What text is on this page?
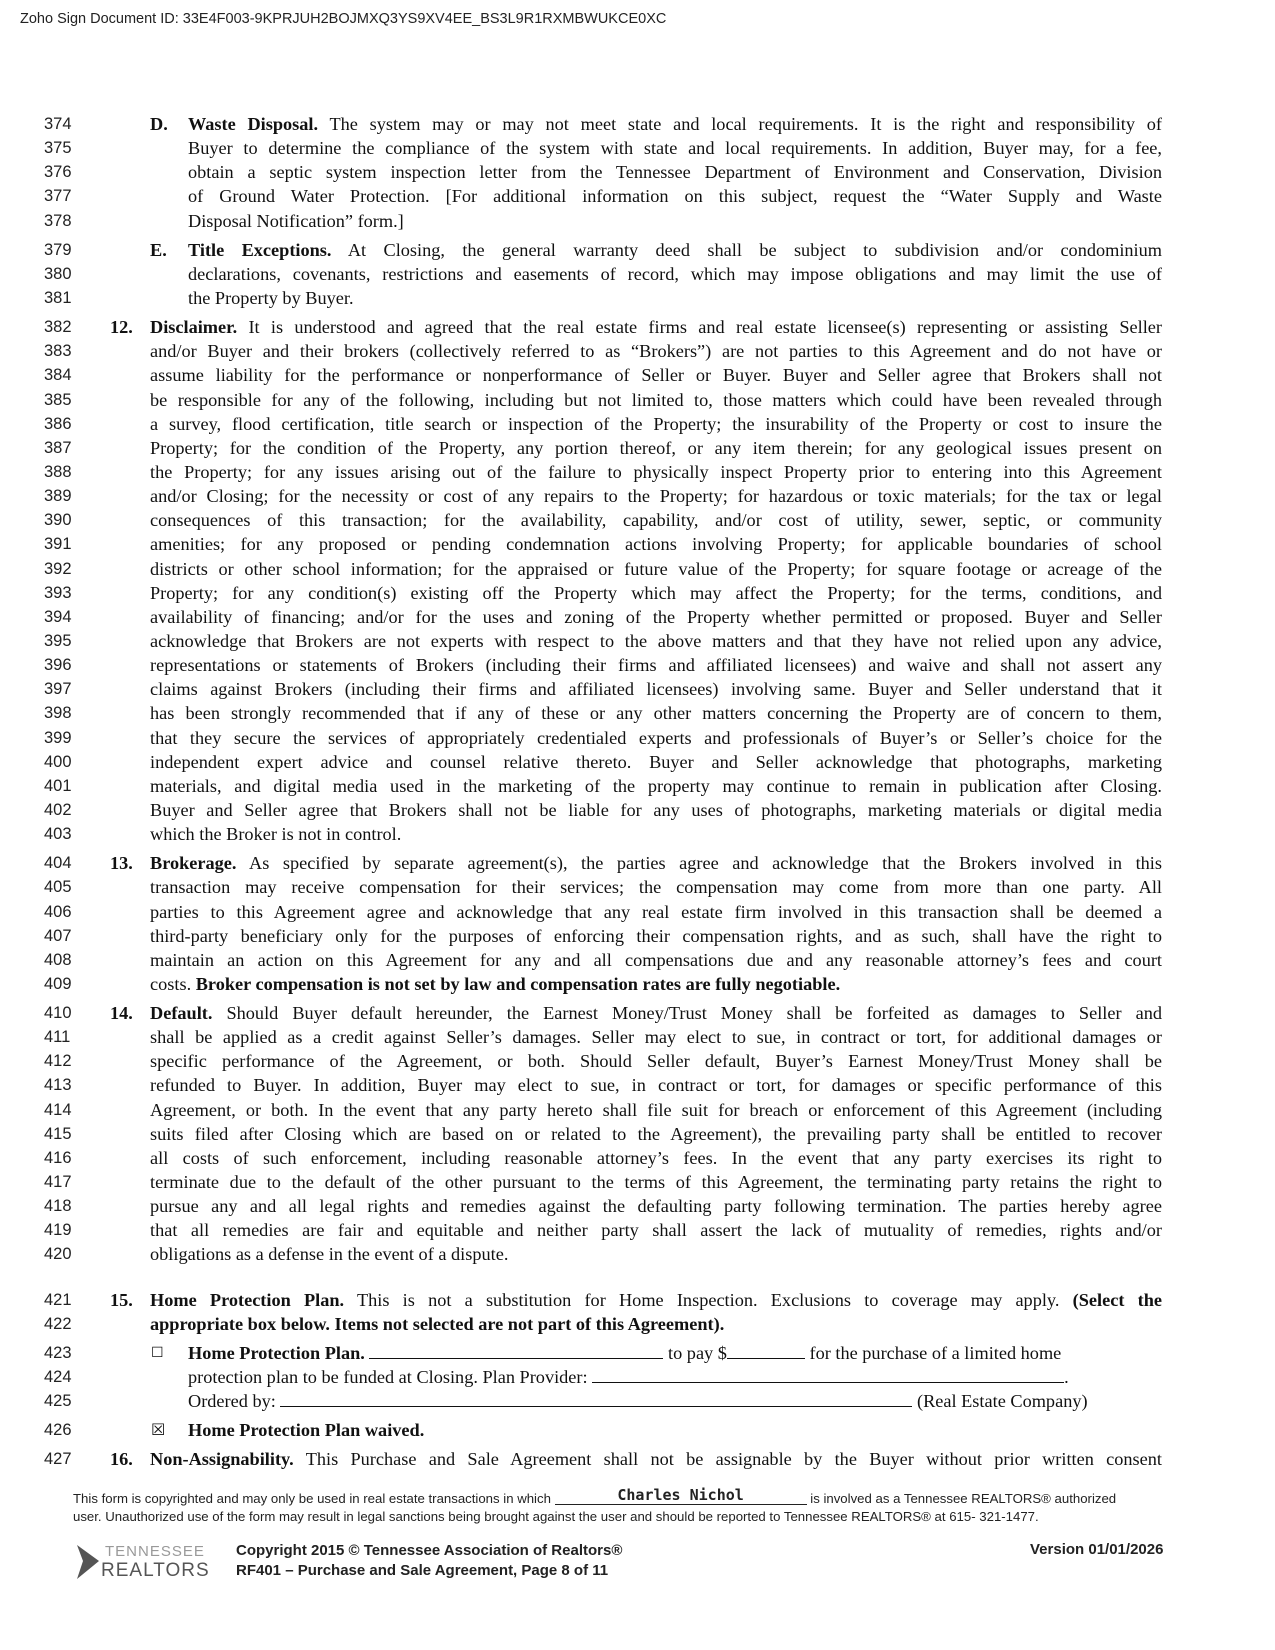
Zoho Sign Document ID: 33E4F003-9KPRJUH2BOJMXQ3YS9XV4EE_BS3L9R1RXMBWUKCE0XC
374	D. Waste Disposal. The system may or may not meet state and local requirements. It is the right and responsibility of
375	Buyer to determine the compliance of the system with state and local requirements. In addition, Buyer may, for a fee,
376	obtain a septic system inspection letter from the Tennessee Department of Environment and Conservation, Division
377	of Ground Water Protection. [For additional information on this subject, request the “Water Supply and Waste
378	Disposal Notification” form.]
379	E. Title Exceptions. At Closing, the general warranty deed shall be subject to subdivision and/or condominium
380	declarations, covenants, restrictions and easements of record, which may impose obligations and may limit the use of
381	the Property by Buyer.
382	12. Disclaimer. It is understood and agreed that the real estate firms and real estate licensee(s) representing or assisting Seller
383	and/or Buyer and their brokers (collectively referred to as “Brokers”) are not parties to this Agreement and do not have or
384	assume liability for the performance or nonperformance of Seller or Buyer. Buyer and Seller agree that Brokers shall not
385	be responsible for any of the following, including but not limited to, those matters which could have been revealed through
386	a survey, flood certification, title search or inspection of the Property; the insurability of the Property or cost to insure the
387	Property; for the condition of the Property, any portion thereof, or any item therein; for any geological issues present on
388	the Property; for any issues arising out of the failure to physically inspect Property prior to entering into this Agreement
389	and/or Closing; for the necessity or cost of any repairs to the Property; for hazardous or toxic materials; for the tax or legal
390	consequences of this transaction; for the availability, capability, and/or cost of utility, sewer, septic, or community
391	amenities; for any proposed or pending condemnation actions involving Property; for applicable boundaries of school
392	districts or other school information; for the appraised or future value of the Property; for square footage or acreage of the
393	Property; for any condition(s) existing off the Property which may affect the Property; for the terms, conditions, and
394	availability of financing; and/or for the uses and zoning of the Property whether permitted or proposed. Buyer and Seller
395	acknowledge that Brokers are not experts with respect to the above matters and that they have not relied upon any advice,
396	representations or statements of Brokers (including their firms and affiliated licensees) and waive and shall not assert any
397	claims against Brokers (including their firms and affiliated licensees) involving same. Buyer and Seller understand that it
398	has been strongly recommended that if any of these or any other matters concerning the Property are of concern to them,
399	that they secure the services of appropriately credentialed experts and professionals of Buyer’s or Seller’s choice for the
400	independent expert advice and counsel relative thereto. Buyer and Seller acknowledge that photographs, marketing
401	materials, and digital media used in the marketing of the property may continue to remain in publication after Closing.
402	Buyer and Seller agree that Brokers shall not be liable for any uses of photographs, marketing materials or digital media
403	which the Broker is not in control.
404	13. Brokerage. As specified by separate agreement(s), the parties agree and acknowledge that the Brokers involved in this
405	transaction may receive compensation for their services; the compensation may come from more than one party. All
406	parties to this Agreement agree and acknowledge that any real estate firm involved in this transaction shall be deemed a
407	third-party beneficiary only for the purposes of enforcing their compensation rights, and as such, shall have the right to
408	maintain an action on this Agreement for any and all compensations due and any reasonable attorney’s fees and court
409	costs. Broker compensation is not set by law and compensation rates are fully negotiable.
410	14. Default. Should Buyer default hereunder, the Earnest Money/Trust Money shall be forfeited as damages to Seller and
411	shall be applied as a credit against Seller’s damages. Seller may elect to sue, in contract or tort, for additional damages or
412	specific performance of the Agreement, or both. Should Seller default, Buyer’s Earnest Money/Trust Money shall be
413	refunded to Buyer. In addition, Buyer may elect to sue, in contract or tort, for damages or specific performance of this
414	Agreement, or both. In the event that any party hereto shall file suit for breach or enforcement of this Agreement (including
415	suits filed after Closing which are based on or related to the Agreement), the prevailing party shall be entitled to recover
416	all costs of such enforcement, including reasonable attorney’s fees. In the event that any party exercises its right to
417	terminate due to the default of the other pursuant to the terms of this Agreement, the terminating party retains the right to
418	pursue any and all legal rights and remedies against the defaulting party following termination. The parties hereby agree
419	that all remedies are fair and equitable and neither party shall assert the lack of mutuality of remedies, rights and/or
420	obligations as a defense in the event of a dispute.
421	15. Home Protection Plan. This is not a substitution for Home Inspection. Exclusions to coverage may apply. (Select the
422	appropriate box below. Items not selected are not part of this Agreement).
423	☐ Home Protection Plan.	to pay $	for the purchase of a limited home
424	protection plan to be funded at Closing. Plan Provider:	.
425	Ordered by:	(Real Estate Company)
426	☒ Home Protection Plan waived.
427	16. Non-Assignability. This Purchase and Sale Agreement shall not be assignable by the Buyer without prior written consent
This form is copyrighted and may only be used in real estate transactions in which	Charles Nichol	is involved as a Tennessee REALTORS® authorized
user. Unauthorized use of the form may result in legal sanctions being brought against the user and should be reported to Tennessee REALTORS® at 615- 321-1477.
TENNESSEE
REALTORS
Copyright 2015 © Tennessee Association of Realtors®
RF401 – Purchase and Sale Agreement, Page 8 of 11
Version 01/01/2026
